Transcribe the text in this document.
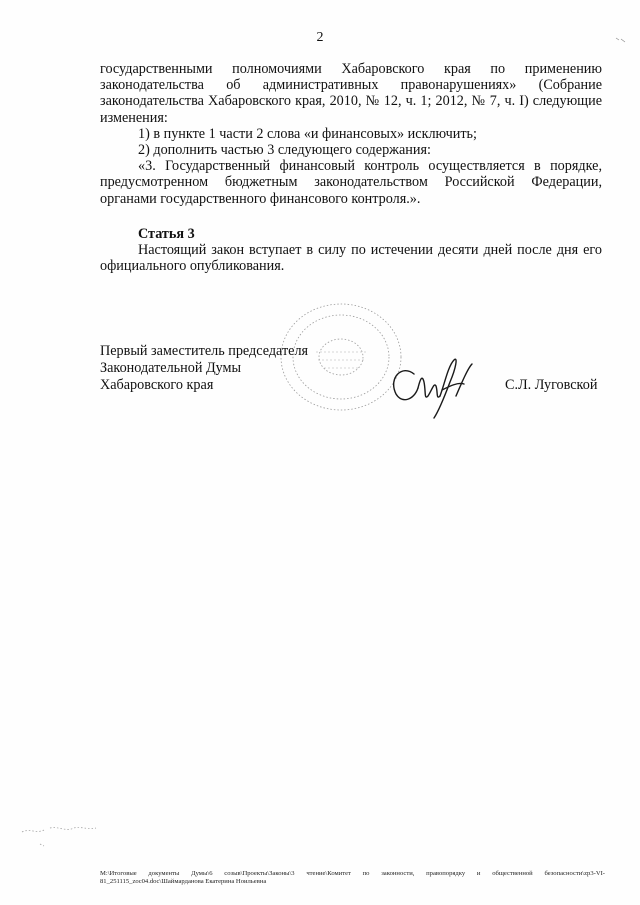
2

государственными полномочиями Хабаровского края по применению

законодательства об административных правонарушениях» (Собрание

законодательства Хабаровского края, 2010, № 12, ч. 1; 2012, № 7, ч. I) следующие изменения:

1) в пункте 1 части 2 слова «и финансовых» исключить;

2) дополнить частью 3 следующего содержания:

«3. Государственный финансовый контроль осуществляется в порядке, предусмотренном бюджетным законодательством Российской Федерации, органами государственного финансового контроля.».

Статья 3

Настоящий закон вступает в силу по истечении десяти дней после дня его официального опубликования.

Первый заместитель председателя
Законодательной Думы
Хабаровского края	С.Л. Луговской
M:\Итоговые документы Думы\6 созыв\Проекты\Законы\3 чтение\Комитет по законности, правопорядку и общественной безопасности\zp3-VI-81_251115_zoc04.doc\Шаймарданова Екатерина Ноильевна
